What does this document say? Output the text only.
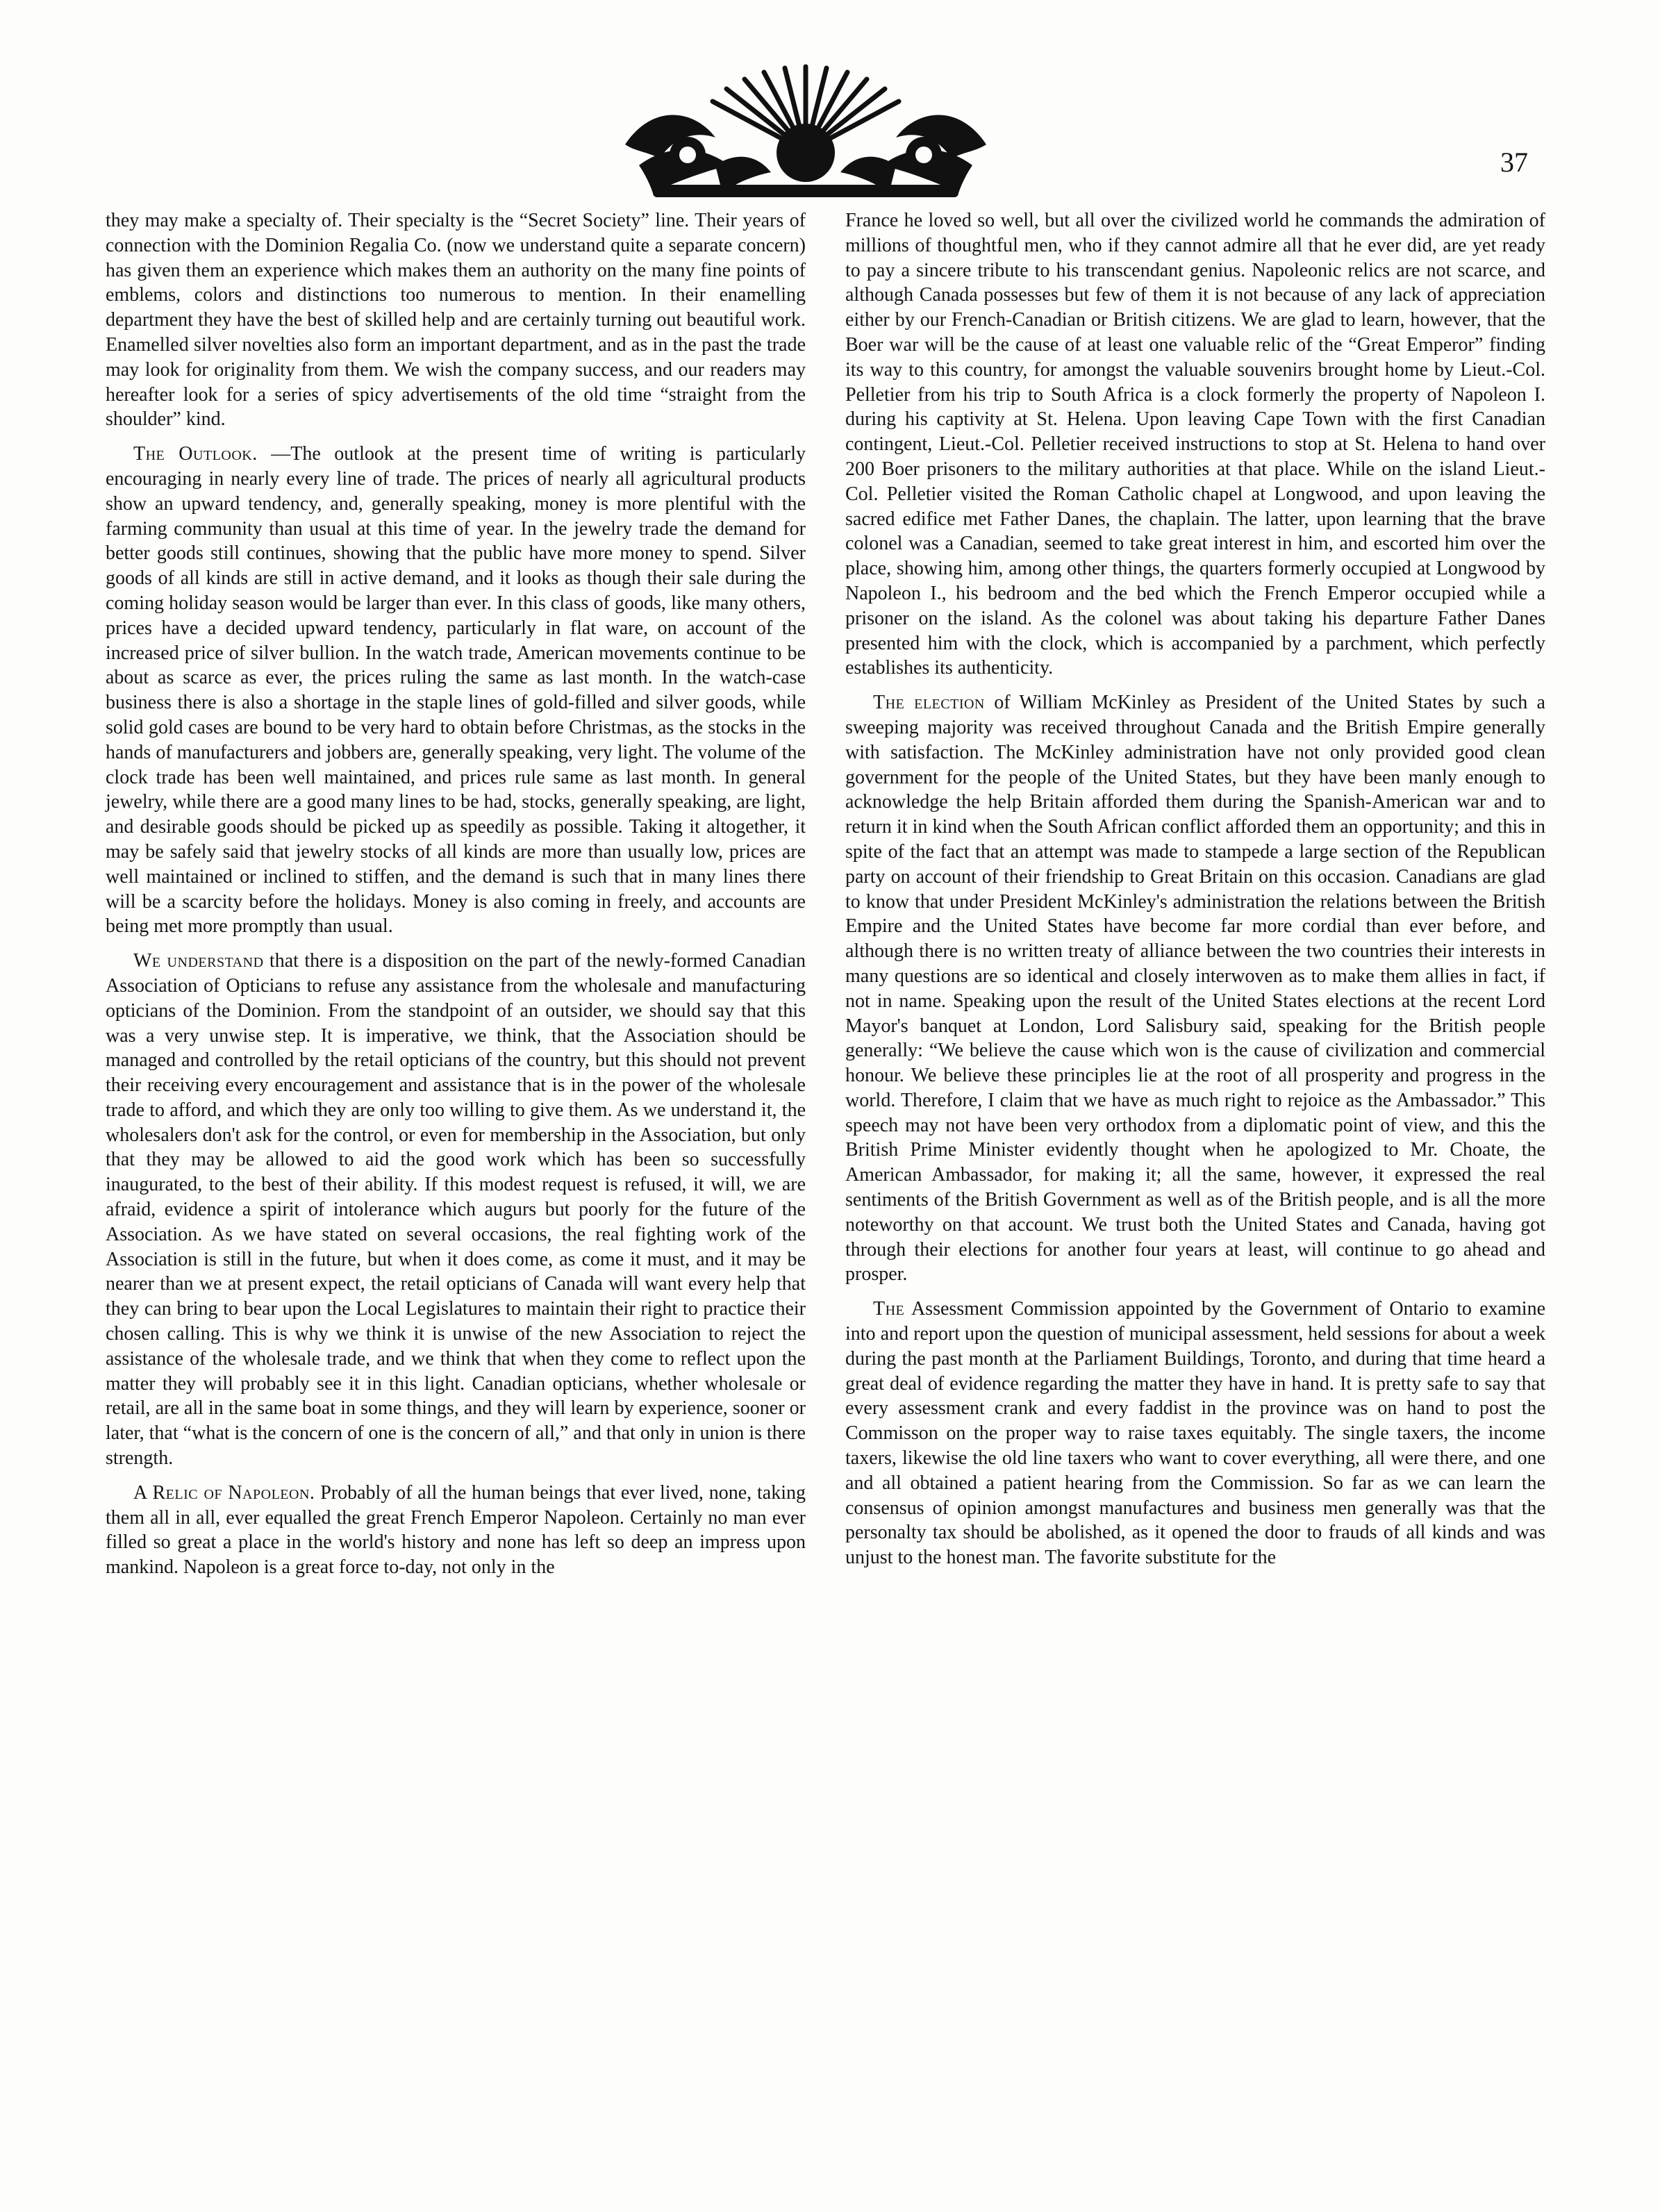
37

they may make a specialty of. Their specialty is the “Secret Society” line. Their years of connection with the Dominion Regalia Co. (now we understand quite a separate concern) has given them an experience which makes them an authority on the many fine points of emblems, colors and distinctions too numerous to mention. In their enamelling department they have the best of skilled help and are certainly turning out beautiful work. Enamelled silver novelties also form an important department, and as in the past the trade may look for originality from them. We wish the company success, and our readers may hereafter look for a series of spicy advertisements of the old time “straight from the shoulder” kind.

The Outlook. —The outlook at the present time of writing is particularly encouraging in nearly every line of trade. The prices of nearly all agricultural products show an upward tendency, and, generally speaking, money is more plentiful with the farming community than usual at this time of year. In the jewelry trade the demand for better goods still continues, showing that the public have more money to spend. Silver goods of all kinds are still in active demand, and it looks as though their sale during the coming holiday season would be larger than ever. In this class of goods, like many others, prices have a decided upward tendency, particularly in flat ware, on account of the increased price of silver bullion. In the watch trade, American movements continue to be about as scarce as ever, the prices ruling the same as last month. In the watch-case business there is also a shortage in the staple lines of gold-filled and silver goods, while solid gold cases are bound to be very hard to obtain before Christmas, as the stocks in the hands of manufacturers and jobbers are, generally speaking, very light. The volume of the clock trade has been well maintained, and prices rule same as last month. In general jewelry, while there are a good many lines to be had, stocks, generally speaking, are light, and desirable goods should be picked up as speedily as possible. Taking it altogether, it may be safely said that jewelry stocks of all kinds are more than usually low, prices are well maintained or inclined to stiffen, and the demand is such that in many lines there will be a scarcity before the holidays. Money is also coming in freely, and accounts are being met more promptly than usual.

We understand that there is a disposition on the part of the newly-formed Canadian Association of Opticians to refuse any assistance from the wholesale and manufacturing opticians of the Dominion. From the standpoint of an outsider, we should say that this was a very unwise step. It is imperative, we think, that the Association should be managed and controlled by the retail opticians of the country, but this should not prevent their receiving every encouragement and assistance that is in the power of the wholesale trade to afford, and which they are only too willing to give them. As we understand it, the wholesalers don't ask for the control, or even for membership in the Association, but only that they may be allowed to aid the good work which has been so successfully inaugurated, to the best of their ability. If this modest request is refused, it will, we are afraid, evidence a spirit of intolerance which augurs but poorly for the future of the Association. As we have stated on several occasions, the real fighting work of the Association is still in the future, but when it does come, as come it must, and it may be nearer than we at present expect, the retail opticians of Canada will want every help that they can bring to bear upon the Local Legislatures to maintain their right to practice their chosen calling. This is why we think it is unwise of the new Association to reject the assistance of the wholesale trade, and we think that when they come to reflect upon the matter they will probably see it in this light. Canadian opticians, whether wholesale or retail, are all in the same boat in some things, and they will learn by experience, sooner or later, that “what is the concern of one is the concern of all,” and that only in union is there strength.

A Relic of Napoleon. Probably of all the human beings that ever lived, none, taking them all in all, ever equalled the great French Emperor Napoleon. Certainly no man ever filled so great a place in the world's history and none has left so deep an impress upon mankind. Napoleon is a great force to-day, not only in the

France he loved so well, but all over the civilized world he commands the admiration of millions of thoughtful men, who if they cannot admire all that he ever did, are yet ready to pay a sincere tribute to his transcendant genius. Napoleonic relics are not scarce, and although Canada possesses but few of them it is not because of any lack of appreciation either by our French-Canadian or British citizens. We are glad to learn, however, that the Boer war will be the cause of at least one valuable relic of the “Great Emperor” finding its way to this country, for amongst the valuable souvenirs brought home by Lieut.-Col. Pelletier from his trip to South Africa is a clock formerly the property of Napoleon I. during his captivity at St. Helena. Upon leaving Cape Town with the first Canadian contingent, Lieut.-Col. Pelletier received instructions to stop at St. Helena to hand over 200 Boer prisoners to the military authorities at that place. While on the island Lieut.-Col. Pelletier visited the Roman Catholic chapel at Longwood, and upon leaving the sacred edifice met Father Danes, the chaplain. The latter, upon learning that the brave colonel was a Canadian, seemed to take great interest in him, and escorted him over the place, showing him, among other things, the quarters formerly occupied at Longwood by Napoleon I., his bedroom and the bed which the French Emperor occupied while a prisoner on the island. As the colonel was about taking his departure Father Danes presented him with the clock, which is accompanied by a parchment, which perfectly establishes its authenticity.

The election of William McKinley as President of the United States by such a sweeping majority was received throughout Canada and the British Empire generally with satisfaction. The McKinley administration have not only provided good clean government for the people of the United States, but they have been manly enough to acknowledge the help Britain afforded them during the Spanish-American war and to return it in kind when the South African conflict afforded them an opportunity; and this in spite of the fact that an attempt was made to stampede a large section of the Republican party on account of their friendship to Great Britain on this occasion. Canadians are glad to know that under President McKinley's administration the relations between the British Empire and the United States have become far more cordial than ever before, and although there is no written treaty of alliance between the two countries their interests in many questions are so identical and closely interwoven as to make them allies in fact, if not in name. Speaking upon the result of the United States elections at the recent Lord Mayor's banquet at London, Lord Salisbury said, speaking for the British people generally: “We believe the cause which won is the cause of civilization and commercial honour. We believe these principles lie at the root of all prosperity and progress in the world. Therefore, I claim that we have as much right to rejoice as the Ambassador.” This speech may not have been very orthodox from a diplomatic point of view, and this the British Prime Minister evidently thought when he apologized to Mr. Choate, the American Ambassador, for making it; all the same, however, it expressed the real sentiments of the British Government as well as of the British people, and is all the more noteworthy on that account. We trust both the United States and Canada, having got through their elections for another four years at least, will continue to go ahead and prosper.

The Assessment Commission appointed by the Government of Ontario to examine into and report upon the question of municipal assessment, held sessions for about a week during the past month at the Parliament Buildings, Toronto, and during that time heard a great deal of evidence regarding the matter they have in hand. It is pretty safe to say that every assessment crank and every faddist in the province was on hand to post the Commisson on the proper way to raise taxes equitably. The single taxers, the income taxers, likewise the old line taxers who want to cover everything, all were there, and one and all obtained a patient hearing from the Commission. So far as we can learn the consensus of opinion amongst manufactures and business men generally was that the personalty tax should be abolished, as it opened the door to frauds of all kinds and was unjust to the honest man. The favorite substitute for the
